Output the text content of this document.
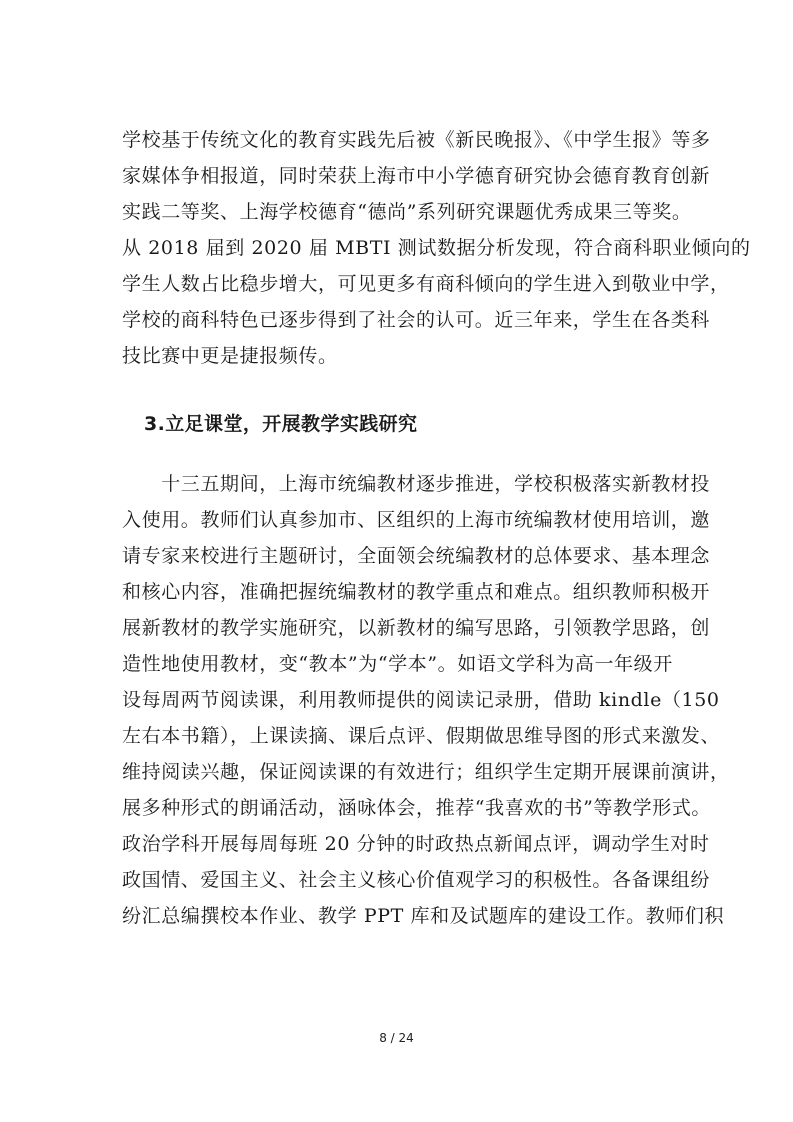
学校基于传统文化的教育实践先后被《新民晚报》、《中学生报》等多
家媒体争相报道，同时荣获上海市中小学德育研究协会德育教育创新
实践二等奖、上海学校德育“德尚”系列研究课题优秀成果三等奖。
从 2018 届到 2020 届 MBTI 测试数据分析发现，符合商科职业倾向的
学生人数占比稳步增大，可见更多有商科倾向的学生进入到敬业中学，
学校的商科特色已逐步得到了社会的认可。近三年来，学生在各类科
技比赛中更是捷报频传。
3.立足课堂，开展教学实践研究
　　十三五期间，上海市统编教材逐步推进，学校积极落实新教材投
入使用。教师们认真参加市、区组织的上海市统编教材使用培训，邀
请专家来校进行主题研讨，全面领会统编教材的总体要求、基本理念
和核心内容，准确把握统编教材的教学重点和难点。组织教师积极开
展新教材的教学实施研究，以新教材的编写思路，引领教学思路，创
造性地使用教材，变“教本”为“学本”。如语文学科为高一年级开
设每周两节阅读课，利用教师提供的阅读记录册，借助 kindle（150
左右本书籍），上课读摘、课后点评、假期做思维导图的形式来激发、
维持阅读兴趣，保证阅读课的有效进行；组织学生定期开展课前演讲，
展多种形式的朗诵活动，涵咏体会，推荐“我喜欢的书”等教学形式。
政治学科开展每周每班 20 分钟的时政热点新闻点评，调动学生对时
政国情、爱国主义、社会主义核心价值观学习的积极性。各备课组纷
纷汇总编撰校本作业、教学 PPT 库和及试题库的建设工作。教师们积
8 / 24
